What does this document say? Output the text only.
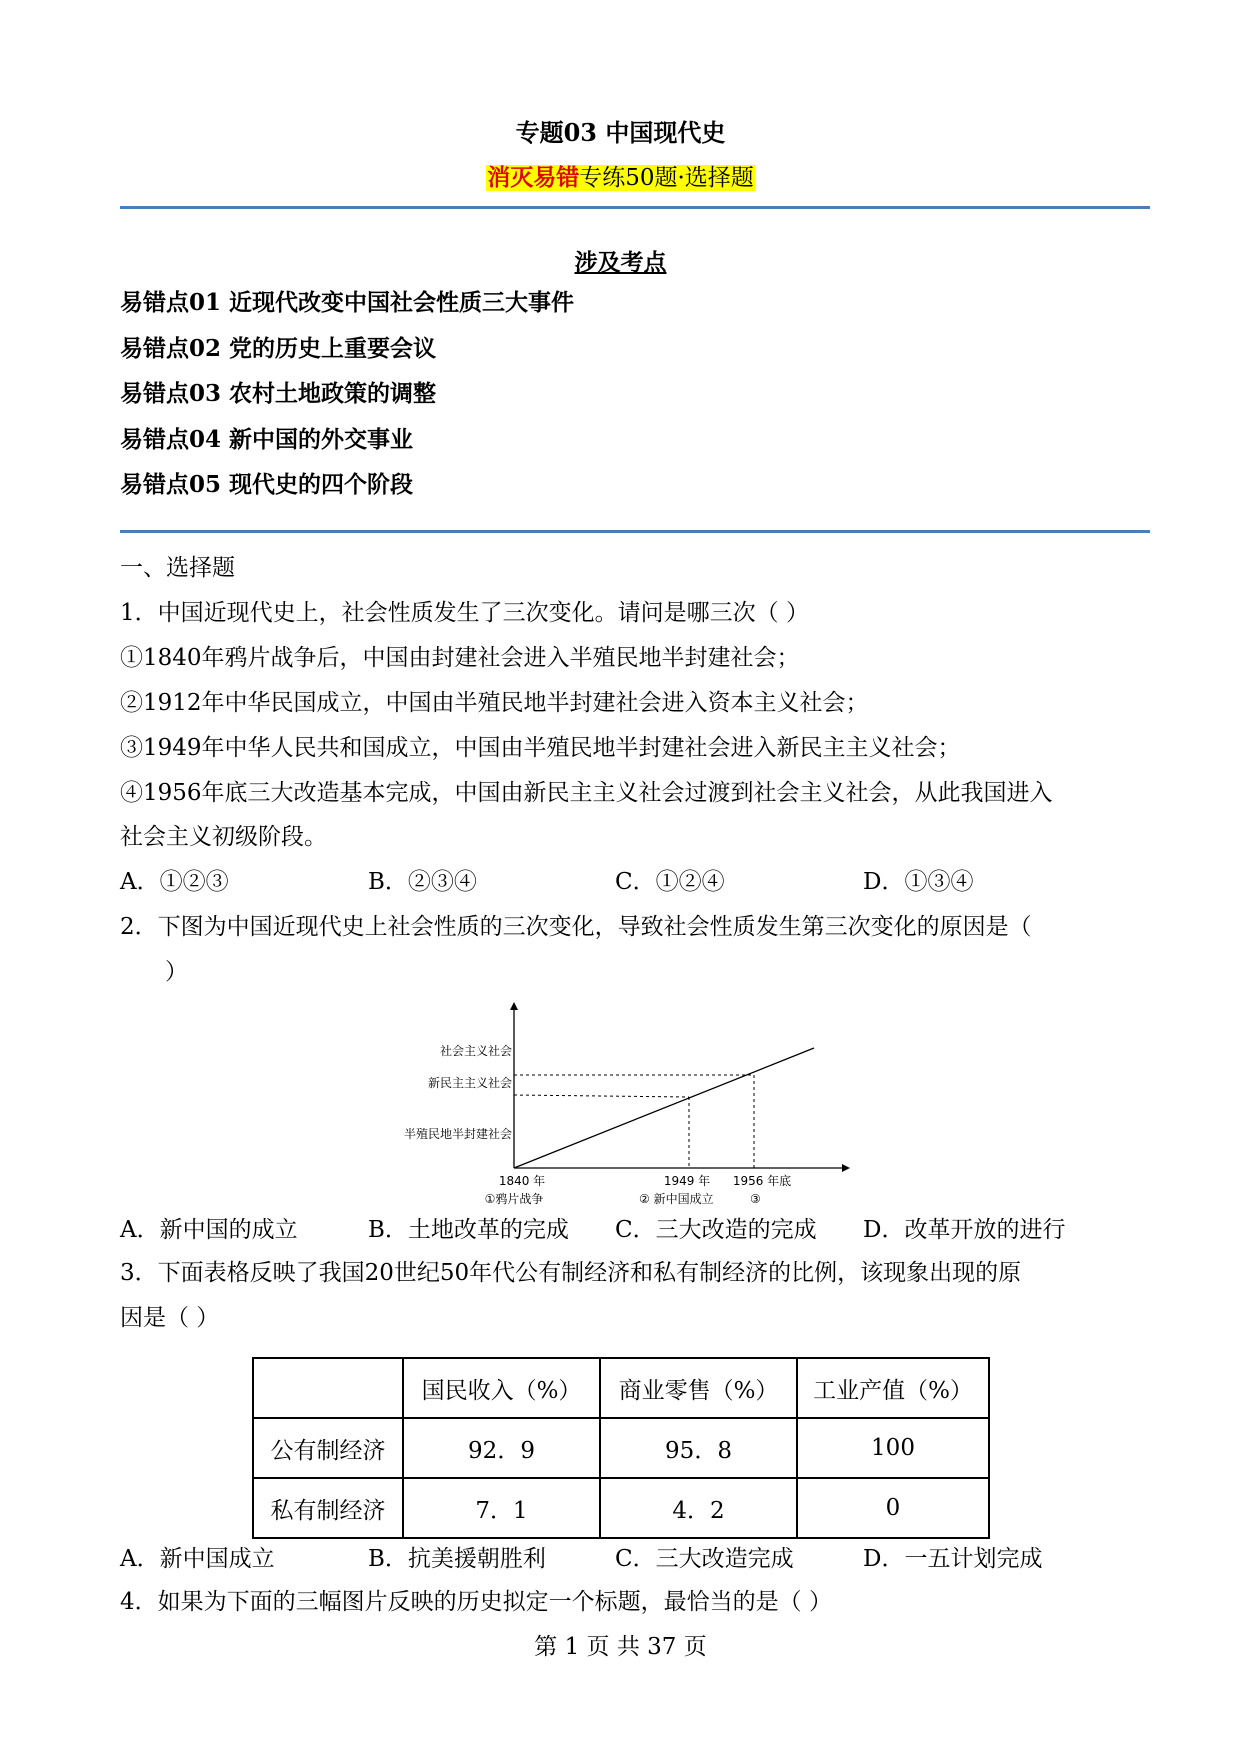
专题03 中国现代史
消灭易错专练50题·选择题
涉及考点
易错点01 近现代改变中国社会性质三大事件
易错点02 党的历史上重要会议
易错点03 农村土地政策的调整
易错点04 新中国的外交事业
易错点05 现代史的四个阶段
一、选择题
1．中国近现代史上，社会性质发生了三次变化。请问是哪三次（ ）
①1840年鸦片战争后，中国由封建社会进入半殖民地半封建社会；
②1912年中华民国成立，中国由半殖民地半封建社会进入资本主义社会；
③1949年中华人民共和国成立，中国由半殖民地半封建社会进入新民主主义社会；
④1956年底三大改造基本完成，中国由新民主主义社会过渡到社会主义社会，从此我国进入
社会主义初级阶段。
A．①②③	B．②③④	C．①②④	D．①③④
2．下图为中国近现代史上社会性质的三次变化，导致社会性质发生第三次变化的原因是（
）
半殖民地半封建社会
新民主主义社会
社会主义社会
1840 年	1949 年 1956 年底
①鸦片战争	② 新中国成立	③
A．新中国的成立	B．土地改革的完成 C．三大改造的完成 D．改革开放的进行
3．下面表格反映了我国20世纪50年代公有制经济和私有制经济的比例，该现象出现的原
因是（ ）
	国民收入（%）	商业零售（%）	工业产值（%）
公有制经济	92．9	95．8	100
私有制经济	7．1	4．2	0
A．新中国成立	B．抗美援朝胜利	C．三大改造完成	D．一五计划完成
4．如果为下面的三幅图片反映的历史拟定一个标题，最恰当的是（ ）
第 1 页 共 37 页
